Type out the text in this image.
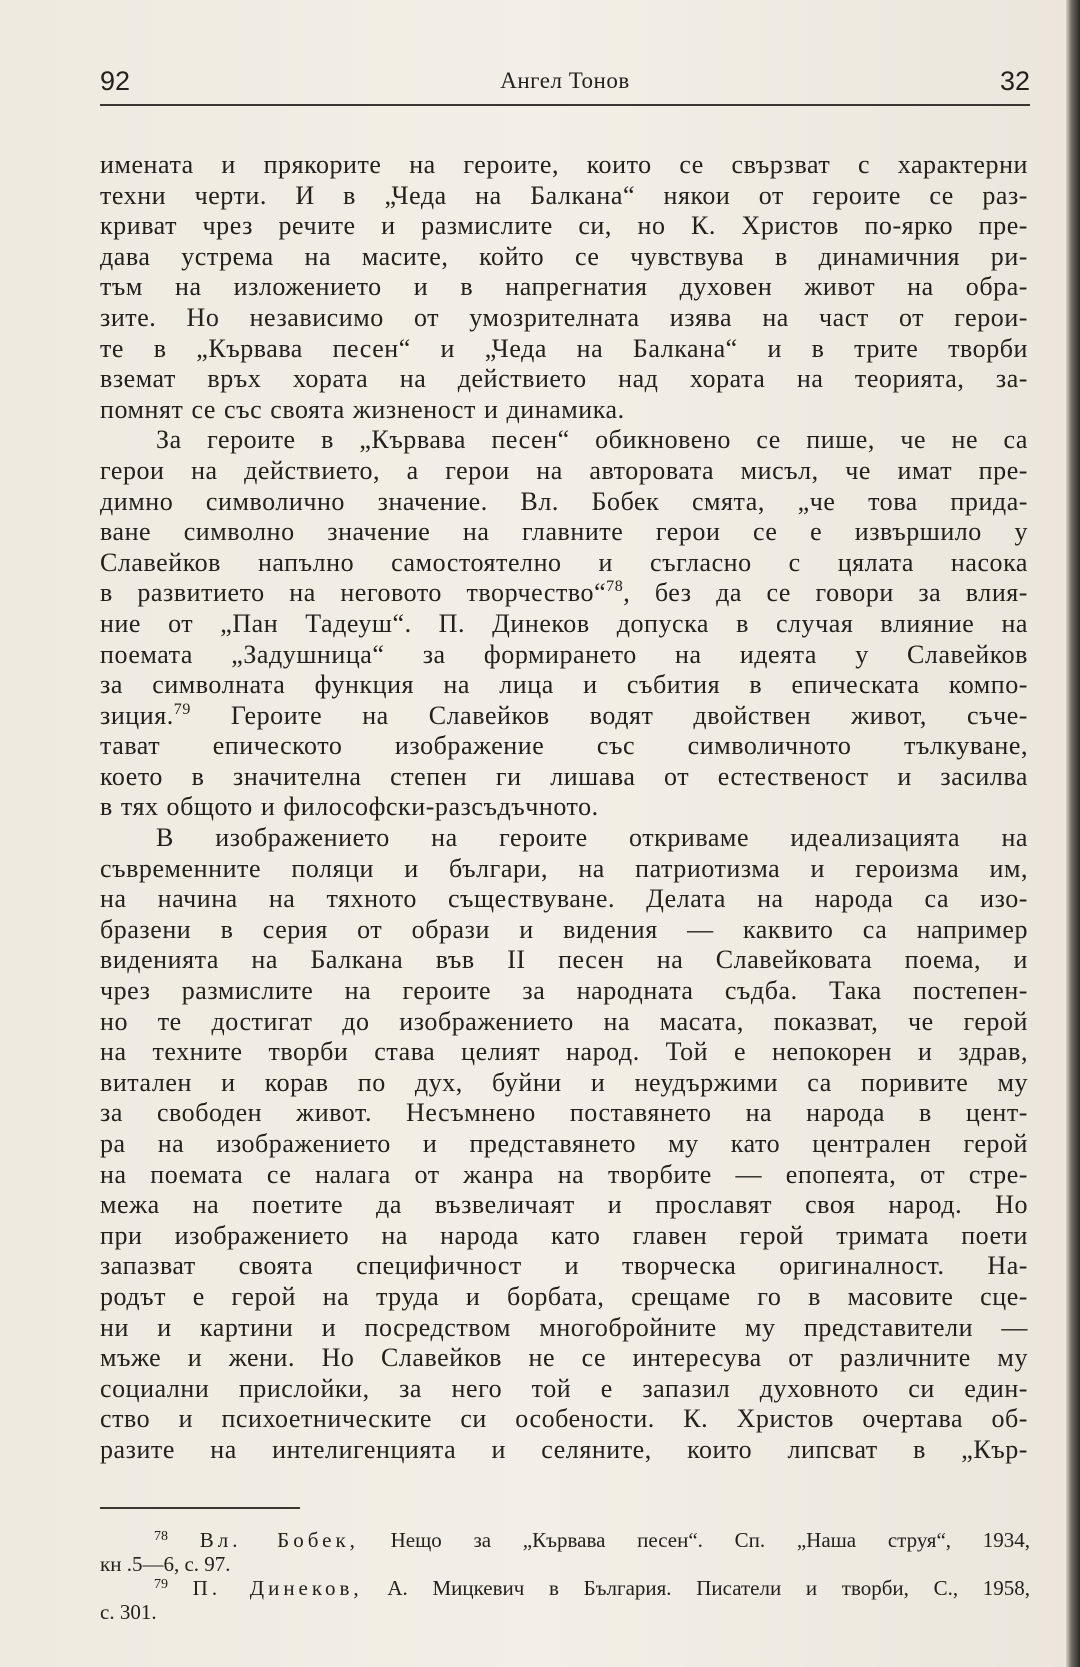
92	Ангел Тонов	32
имената и прякорите на героите, които се свързват с характерни
техни черти. И в „Чеда на Балкана“ някои от героите се раз-
криват чрез речите и размислите си, но К. Христов по-ярко пре-
дава устрема на масите, който се чувствува в динамичния ри-
тъм на изложението и в напрегнатия духовен живот на обра-
зите. Но независимо от умозрителната изява на част от герои-
те в „Кървава песен“ и „Чеда на Балкана“ и в трите творби
вземат връх хората на действието над хората на теорията, за-
помнят се със своята жизненост и динамика.
За героите в „Кървава песен“ обикновено се пише, че не са
герои на действието, а герои на авторовата мисъл, че имат пре-
димно символично значение. Вл. Бобек смята, „че това прида-
ване символно значение на главните герои се е извършило у
Славейков напълно самостоятелно и съгласно с цялата насока
в развитието на неговото творчество“$^{78}$, без да се говори за влия-
ние от „Пан Тадеуш“. П. Динеков допуска в случая влияние на
поемата „Задушница“ за формирането на идеята у Славейков
за символната функция на лица и събития в епическата компо-
зиция.$^{79}$ Героите на Славейков водят двойствен живот, съче-
тават епическото изображение със символичното тълкуване,
което в значителна степен ги лишава от естественост и засилва
в тях общото и философски-разсъдъчното.
В изображението на героите откриваме идеализацията на
съвременните поляци и българи, на патриотизма и героизма им,
на начина на тяхното съществуване. Делата на народа са изо-
бразени в серия от образи и видения — каквито са например
виденията на Балкана във II песен на Славейковата поема, и
чрез размислите на героите за народната съдба. Така постепен-
но те достигат до изображението на масата, показват, че герой
на техните творби става целият народ. Той е непокорен и здрав,
витален и корав по дух, буйни и неудържими са поривите му
за свободен живот. Несъмнено поставянето на народа в цент-
ра на изображението и представянето му като централен герой
на поемата се налага от жанра на творбите — епопеята, от стре-
межа на поетите да възвеличаят и прославят своя народ. Но
при изображението на народа като главен герой тримата поети
запазват своята специфичност и творческа оригиналност. На-
родът е герой на труда и борбата, срещаме го в масовите сце-
ни и картини и посредством многобройните му представители —
мъже и жени. Но Славейков не се интересува от различните му
социални прислойки, за него той е запазил духовното си един-
ство и психоетническите си особености. К. Христов очертава об-
разите на интелигенцията и селяните, които липсват в „Кър-
$^{78}$ Вл. Бобек, Нещо за „Кървава песен“. Сп. „Наша струя“, 1934,
кн .5—6, с. 97.
$^{79}$ П. Динеков, А. Мицкевич в България. Писатели и творби, С., 1958,
с. 301.
